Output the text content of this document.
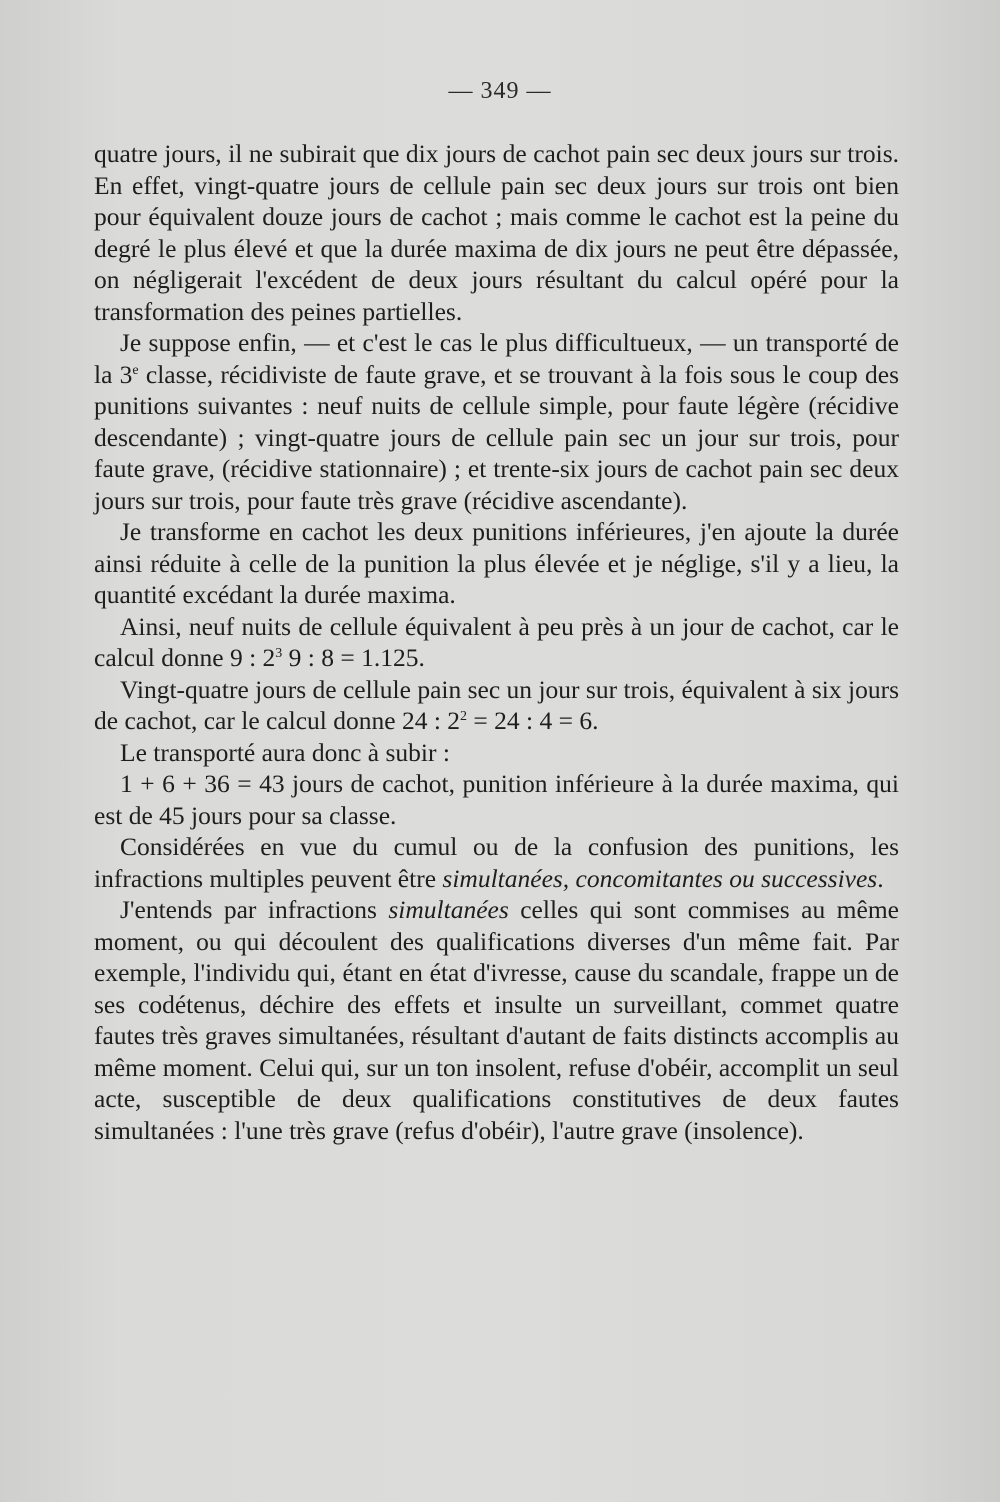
— 349 —

quatre jours, il ne subirait que dix jours de cachot pain sec deux jours sur trois. En effet, vingt-quatre jours de cellule pain sec deux jours sur trois ont bien pour équivalent douze jours de cachot ; mais comme le cachot est la peine du degré le plus élevé et que la durée maxima de dix jours ne peut être dépassée, on négligerait l'excédent de deux jours résultant du calcul opéré pour la transformation des peines partielles.

Je suppose enfin, — et c'est le cas le plus difficultueux, — un transporté de la 3e classe, récidiviste de faute grave, et se trouvant à la fois sous le coup des punitions suivantes : neuf nuits de cellule simple, pour faute légère (récidive descendante) ; vingt-quatre jours de cellule pain sec un jour sur trois, pour faute grave, (récidive stationnaire) ; et trente-six jours de cachot pain sec deux jours sur trois, pour faute très grave (récidive ascendante).

Je transforme en cachot les deux punitions inférieures, j'en ajoute la durée ainsi réduite à celle de la punition la plus élevée et je néglige, s'il y a lieu, la quantité excédant la durée maxima.

Ainsi, neuf nuits de cellule équivalent à peu près à un jour de cachot, car le calcul donne 9 : $2^3$ 9 : 8 = 1.125.

Vingt-quatre jours de cellule pain sec un jour sur trois, équivalent à six jours de cachot, car le calcul donne 24 : $2^2 = 24$ : 4 = 6.

Le transporté aura donc à subir :

1 + 6 + 36 = 43 jours de cachot, punition inférieure à la durée maxima, qui est de 45 jours pour sa classe.

Considérées en vue du cumul ou de la confusion des punitions, les infractions multiples peuvent être simultanées, concomitantes ou successives.

J'entends par infractions simultanées celles qui sont commises au même moment, ou qui découlent des qualifications diverses d'un même fait. Par exemple, l'individu qui, étant en état d'ivresse, cause du scandale, frappe un de ses codétenus, déchire des effets et insulte un surveillant, commet quatre fautes très graves simultanées, résultant d'autant de faits distincts accomplis au même moment. Celui qui, sur un ton insolent, refuse d'obéir, accomplit un seul acte, susceptible de deux qualifications constitutives de deux fautes simultanées : l'une très grave (refus d'obéir), l'autre grave (insolence).
